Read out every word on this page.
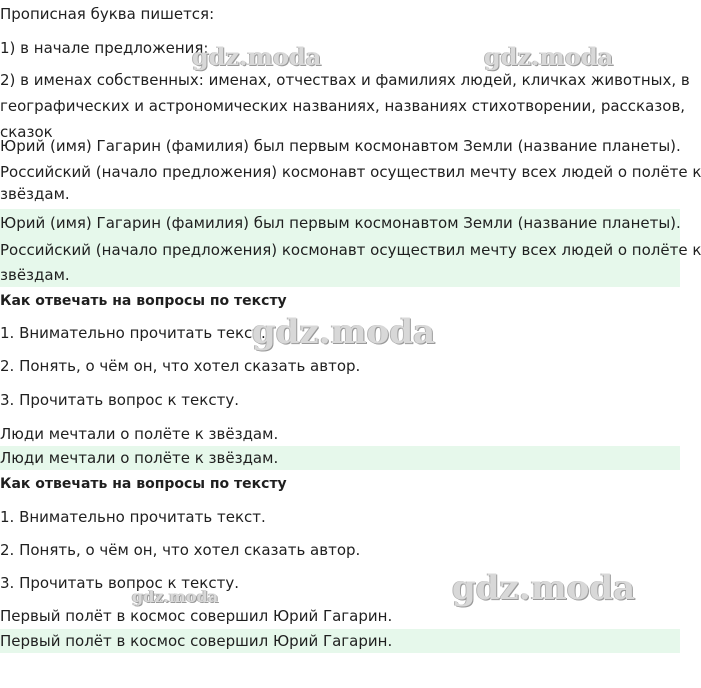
Прописная буква пишется:
1) в начале предложения;
2) в именах собственных: именах, отчествах и фамилиях людей, кличках животных, в
географических и астрономических названиях, названиях стихотворении, рассказов,
сказок
Юрий (имя) Гагарин (фамилия) был первым космонавтом Земли (название планеты).
Российский (начало предложения) космонавт осуществил мечту всех людей о полёте к
звёздам.
Юрий (имя) Гагарин (фамилия) был первым космонавтом Земли (название планеты).
Российский (начало предложения) космонавт осуществил мечту всех людей о полёте к
звёздам.
Как отвечать на вопросы по тексту
1. Внимательно прочитать текст.
2. Понять, о чём он, что хотел сказать автор.
3. Прочитать вопрос к тексту.
Люди мечтали о полёте к звёздам.
Люди мечтали о полёте к звёздам.
Как отвечать на вопросы по тексту
1. Внимательно прочитать текст.
2. Понять, о чём он, что хотел сказать автор.
3. Прочитать вопрос к тексту.
Первый полёт в космос совершил Юрий Гагарин.
Первый полёт в космос совершил Юрий Гагарин.
gdz.moda	gdz.moda
gdz.moda
gdz.moda
gdz.moda
